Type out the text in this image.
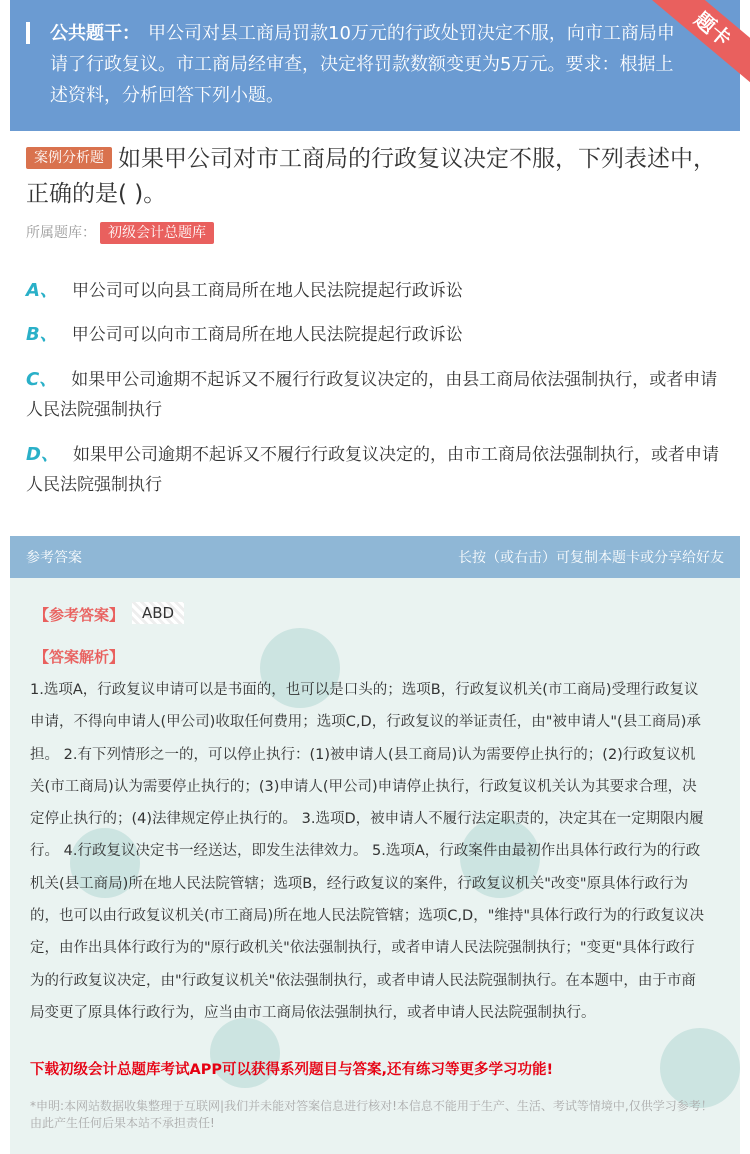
公共题干： 甲公司对县工商局罚款10万元的行政处罚决定不服，向市工商局申请了行政复议。市工商局经审查，决定将罚款数额变更为5万元。要求：根据上述资料，分析回答下列小题。
题卡
案例分析题 如果甲公司对市工商局的行政复议决定不服，下列表述中，正确的是( )。
所属题库： 初级会计总题库
A、 甲公司可以向县工商局所在地人民法院提起行政诉讼
B、 甲公司可以向市工商局所在地人民法院提起行政诉讼
C、 如果甲公司逾期不起诉又不履行行政复议决定的，由县工商局依法强制执行，或者申请人民法院强制执行
D、 如果甲公司逾期不起诉又不履行行政复议决定的，由市工商局依法强制执行，或者申请人民法院强制执行
参考答案	长按（或右击）可复制本题卡或分享给好友
【参考答案】	ABD
【答案解析】
1.选项A，行政复议申请可以是书面的，也可以是口头的；选项B，行政复议机关(市工商局)受理行政复议申请，不得向申请人(甲公司)收取任何费用；选项C,D，行政复议的举证责任，由"被申请人"(县工商局)承担。 2.有下列情形之一的，可以停止执行：(1)被申请人(县工商局)认为需要停止执行的；(2)行政复议机关(市工商局)认为需要停止执行的；(3)申请人(甲公司)申请停止执行，行政复议机关认为其要求合理，决定停止执行的；(4)法律规定停止执行的。 3.选项D，被申请人不履行法定职责的，决定其在一定期限内履行。 4.行政复议决定书一经送达，即发生法律效力。 5.选项A，行政案件由最初作出具体行政行为的行政机关(县工商局)所在地人民法院管辖；选项B，经行政复议的案件，行政复议机关"改变"原具体行政行为的，也可以由行政复议机关(市工商局)所在地人民法院管辖；选项C,D，"维持"具体行政行为的行政复议决定，由作出具体行政行为的"原行政机关"依法强制执行，或者申请人民法院强制执行；"变更"具体行政行为的行政复议决定，由"行政复议机关"依法强制执行，或者申请人民法院强制执行。在本题中，由于市商局变更了原具体行政行为，应当由市工商局依法强制执行，或者申请人民法院强制执行。
下载初级会计总题库考试APP可以获得系列题目与答案,还有练习等更多学习功能!
*申明:本网站数据收集整理于互联网|我们并未能对答案信息进行核对!本信息不能用于生产、生活、考试等情境中,仅供学习参考！由此产生任何后果本站不承担责任!
